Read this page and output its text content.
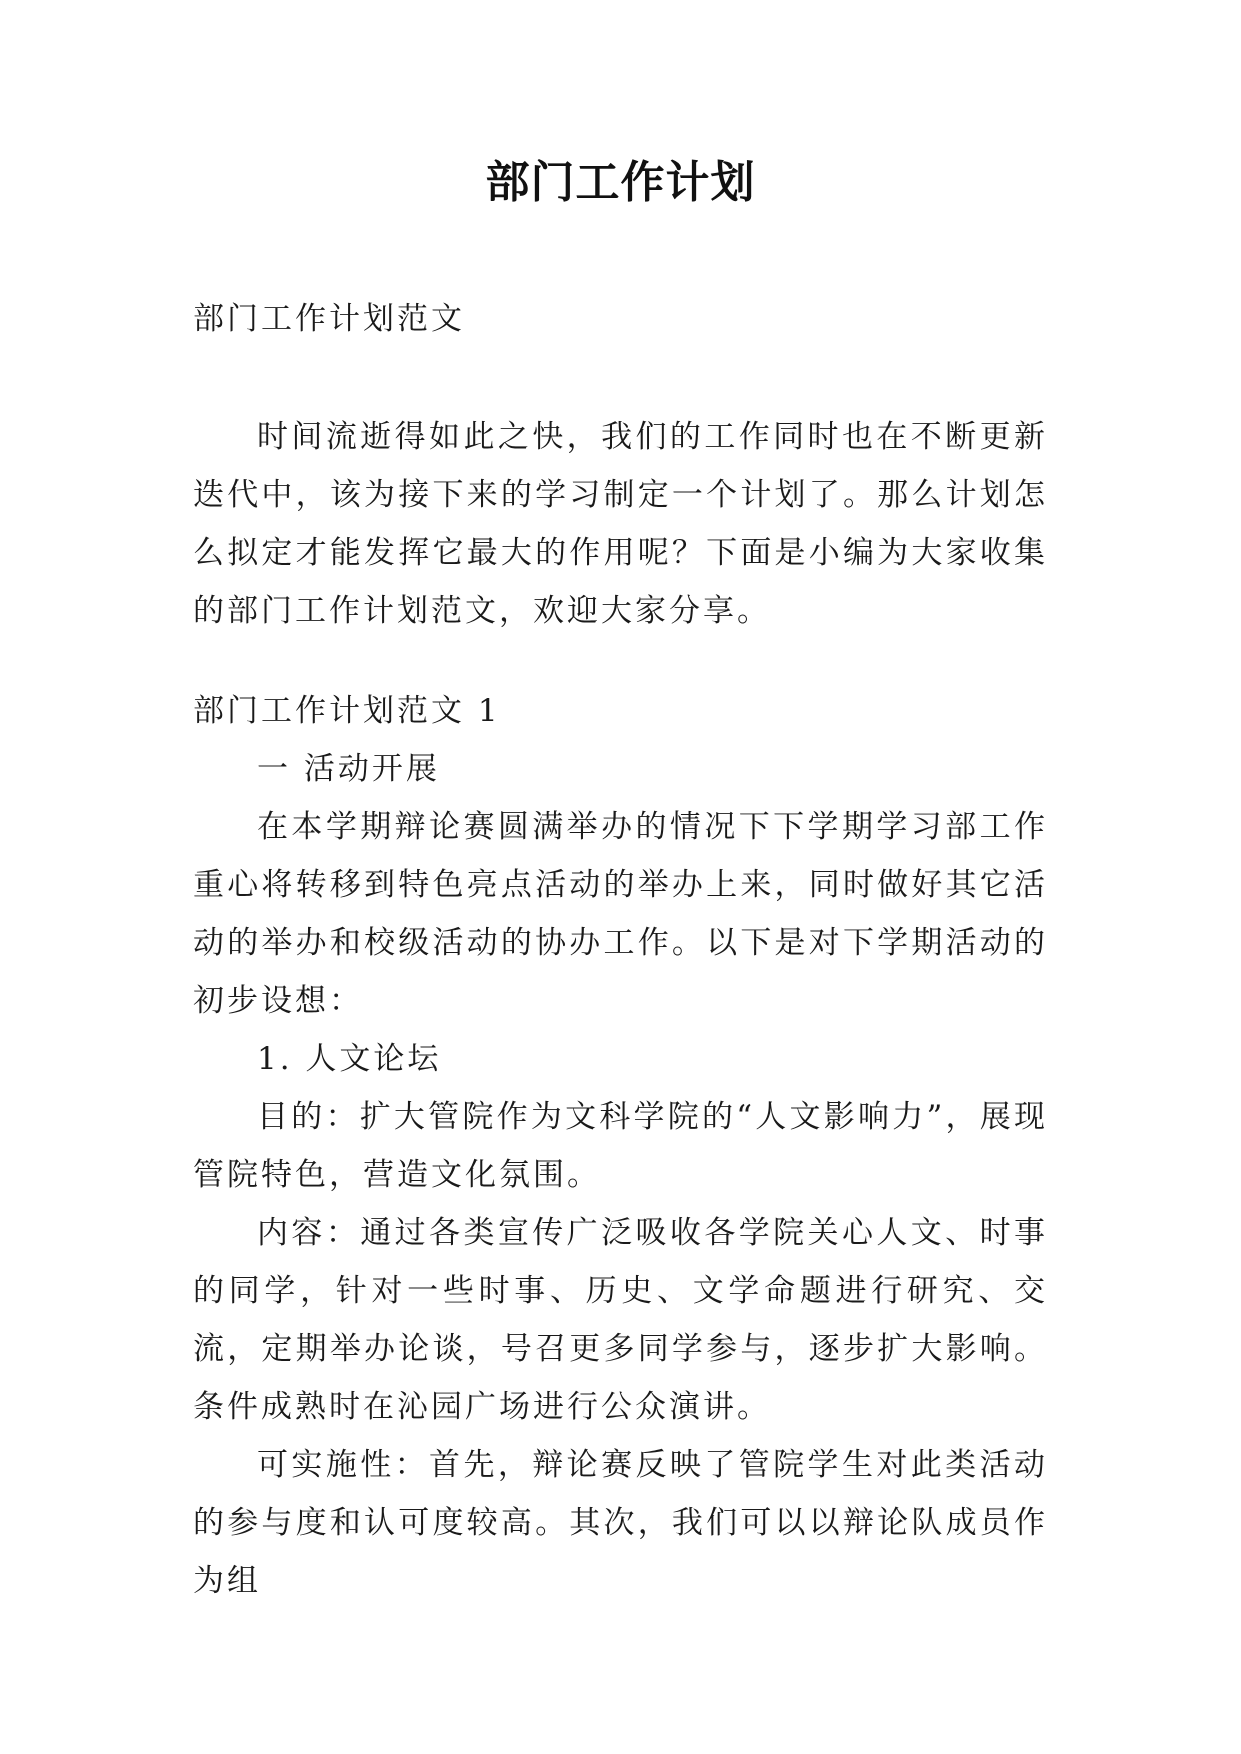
部门工作计划

部门工作计划范文

时间流逝得如此之快，我们的工作同时也在不断更新迭代中，该为接下来的学习制定一个计划了。那么计划怎么拟定才能发挥它最大的作用呢？下面是小编为大家收集的部门工作计划范文，欢迎大家分享。

部门工作计划范文 1

一 活动开展

在本学期辩论赛圆满举办的情况下下学期学习部工作重心将转移到特色亮点活动的举办上来，同时做好其它活动的举办和校级活动的协办工作。以下是对下学期活动的初步设想：

1. 人文论坛

目的：扩大管院作为文科学院的“人文影响力”，展现管院特色，营造文化氛围。

内容：通过各类宣传广泛吸收各学院关心人文、时事的同学，针对一些时事、历史、文学命题进行研究、交流，定期举办论谈，号召更多同学参与，逐步扩大影响。条件成熟时在沁园广场进行公众演讲。

可实施性：首先，辩论赛反映了管院学生对此类活动的参与度和认可度较高。其次，我们可以以辩论队成员作为组
